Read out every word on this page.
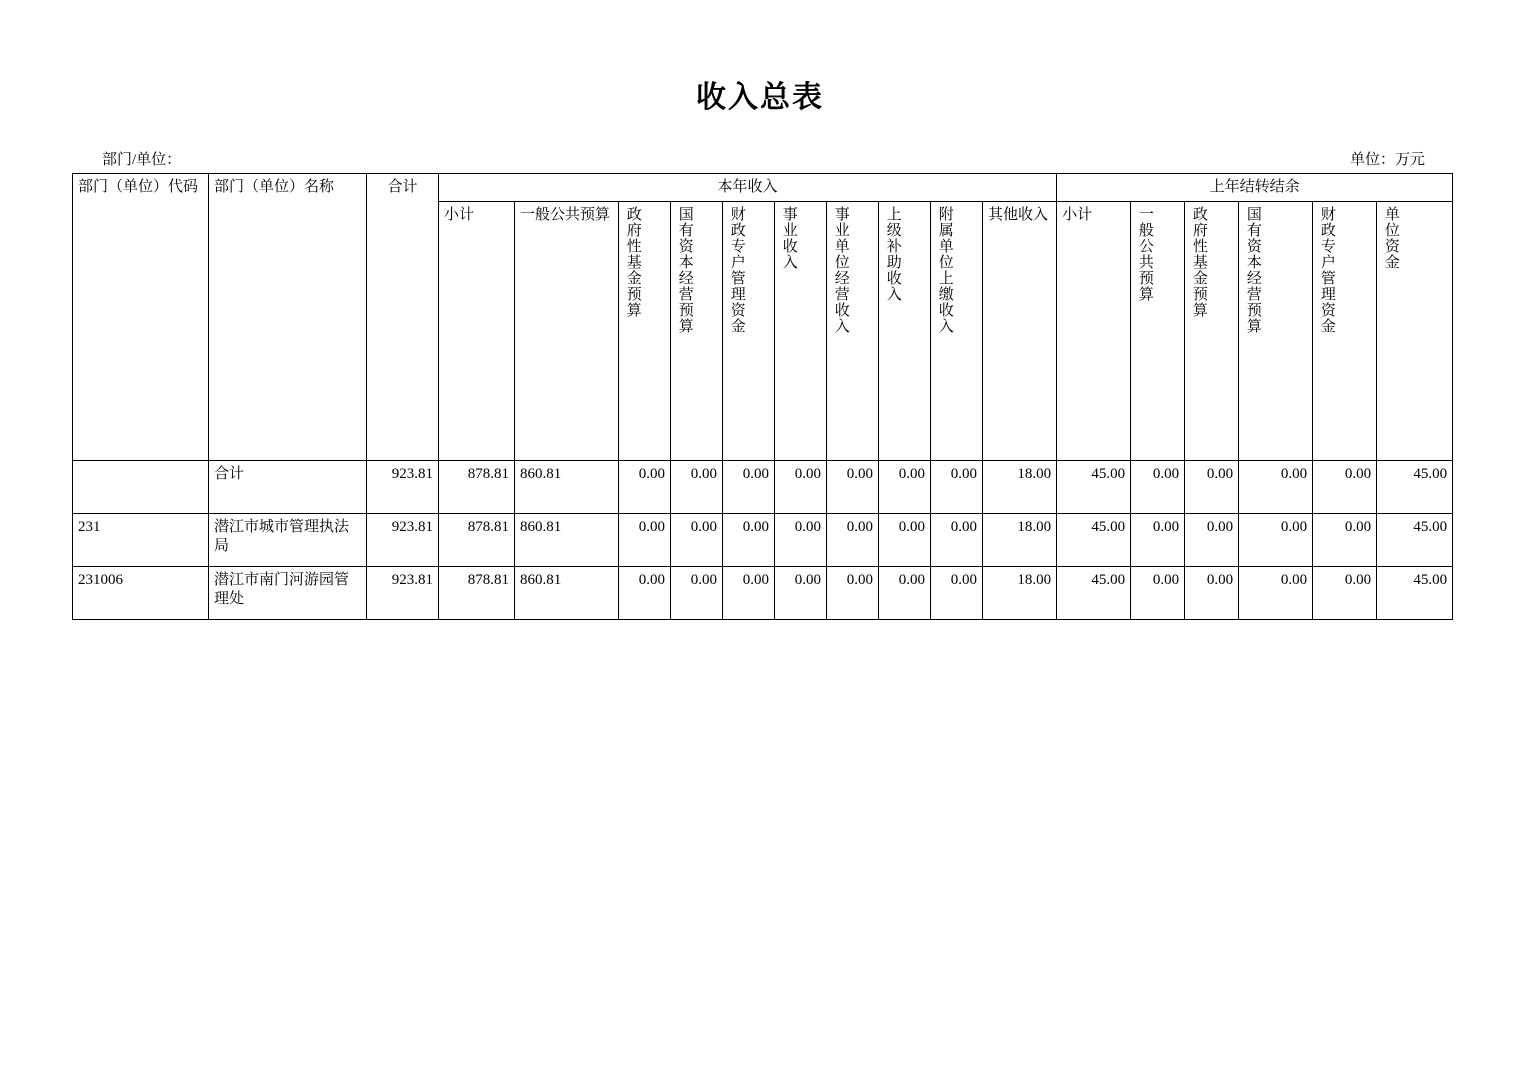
收入总表
部门/单位：	单位：万元
部门（单位）代码	部门（单位）名称	合计	本年收入										上年结转结余					
			小计	一般公共预算	政府性基金预算	国有资本经营预算	财政专户管理资金	事业收入	事业单位经营收入	上级补助收入	附属单位上缴收入	其他收入	小计	一般公共预算	政府性基金预算	国有资本经营预算	财政专户管理资金	单位资金
	合计	923.81	878.81	860.81	0.00	0.00	0.00	0.00	0.00	0.00	0.00	18.00	45.00	0.00	0.00	0.00	0.00	45.00
231	潜江市城市管理执法局	923.81	878.81	860.81	0.00	0.00	0.00	0.00	0.00	0.00	0.00	18.00	45.00	0.00	0.00	0.00	0.00	45.00
231006	潜江市南门河游园管理处	923.81	878.81	860.81	0.00	0.00	0.00	0.00	0.00	0.00	0.00	18.00	45.00	0.00	0.00	0.00	0.00	45.00
